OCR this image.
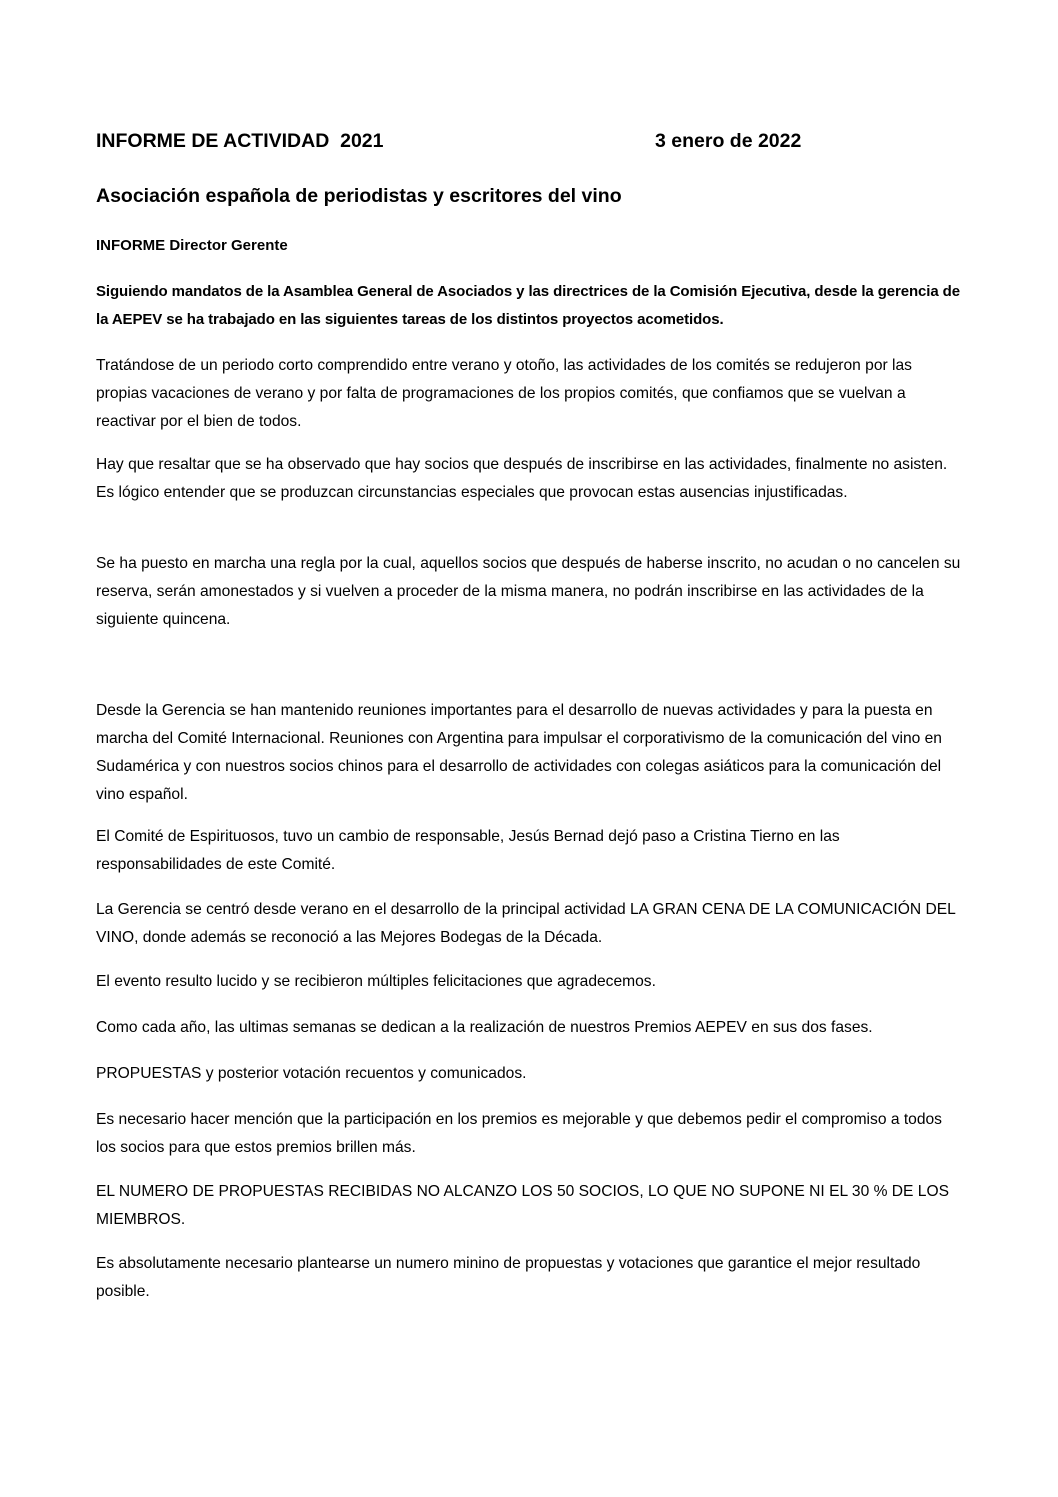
INFORME DE ACTIVIDAD  2021	3 enero de 2022
Asociación española de periodistas y escritores del vino
INFORME Director Gerente
Siguiendo mandatos de la Asamblea General de Asociados y las directrices de la Comisión Ejecutiva, desde la gerencia de la AEPEV se ha trabajado en las siguientes tareas de los distintos proyectos acometidos.
Tratándose de un periodo corto comprendido entre verano y otoño, las actividades de los comités se redujeron por las propias vacaciones de verano y por falta de programaciones de los propios comités, que confiamos que se vuelvan a reactivar por el bien de todos.
Hay que resaltar que se ha observado que hay socios que después de inscribirse en las actividades, finalmente no asisten. Es lógico entender que se produzcan circunstancias especiales que provocan estas ausencias injustificadas.
Se ha puesto en marcha una regla por la cual, aquellos socios que después de haberse inscrito, no acudan o no cancelen su reserva, serán amonestados y si vuelven a proceder de la misma manera, no podrán inscribirse en las actividades de la siguiente quincena.
Desde la Gerencia se han mantenido reuniones importantes para el desarrollo de nuevas actividades y para la puesta en marcha del Comité Internacional. Reuniones con Argentina para impulsar el corporativismo de la comunicación del vino en Sudamérica y con nuestros socios chinos para el desarrollo de actividades con colegas asiáticos para la comunicación del vino español.
El Comité de Espirituosos, tuvo un cambio de responsable, Jesús Bernad dejó paso a Cristina Tierno en las responsabilidades de este Comité.
La Gerencia se centró desde verano en el desarrollo de la principal actividad LA GRAN CENA DE LA COMUNICACIÓN DEL VINO, donde además se reconoció a las Mejores Bodegas de la Década.
El evento resulto lucido y se recibieron múltiples felicitaciones que agradecemos.
Como cada año, las ultimas semanas se dedican a la realización de nuestros Premios AEPEV en sus dos fases.
PROPUESTAS y posterior votación recuentos y comunicados.
Es necesario hacer mención que la participación en los premios es mejorable y que debemos pedir el compromiso a todos los socios para que estos premios brillen más.
EL NUMERO DE PROPUESTAS RECIBIDAS NO ALCANZO LOS 50 SOCIOS, LO QUE NO SUPONE NI EL 30 % DE LOS MIEMBROS.
Es absolutamente necesario plantearse un numero minino de propuestas y votaciones que garantice el mejor resultado posible.
